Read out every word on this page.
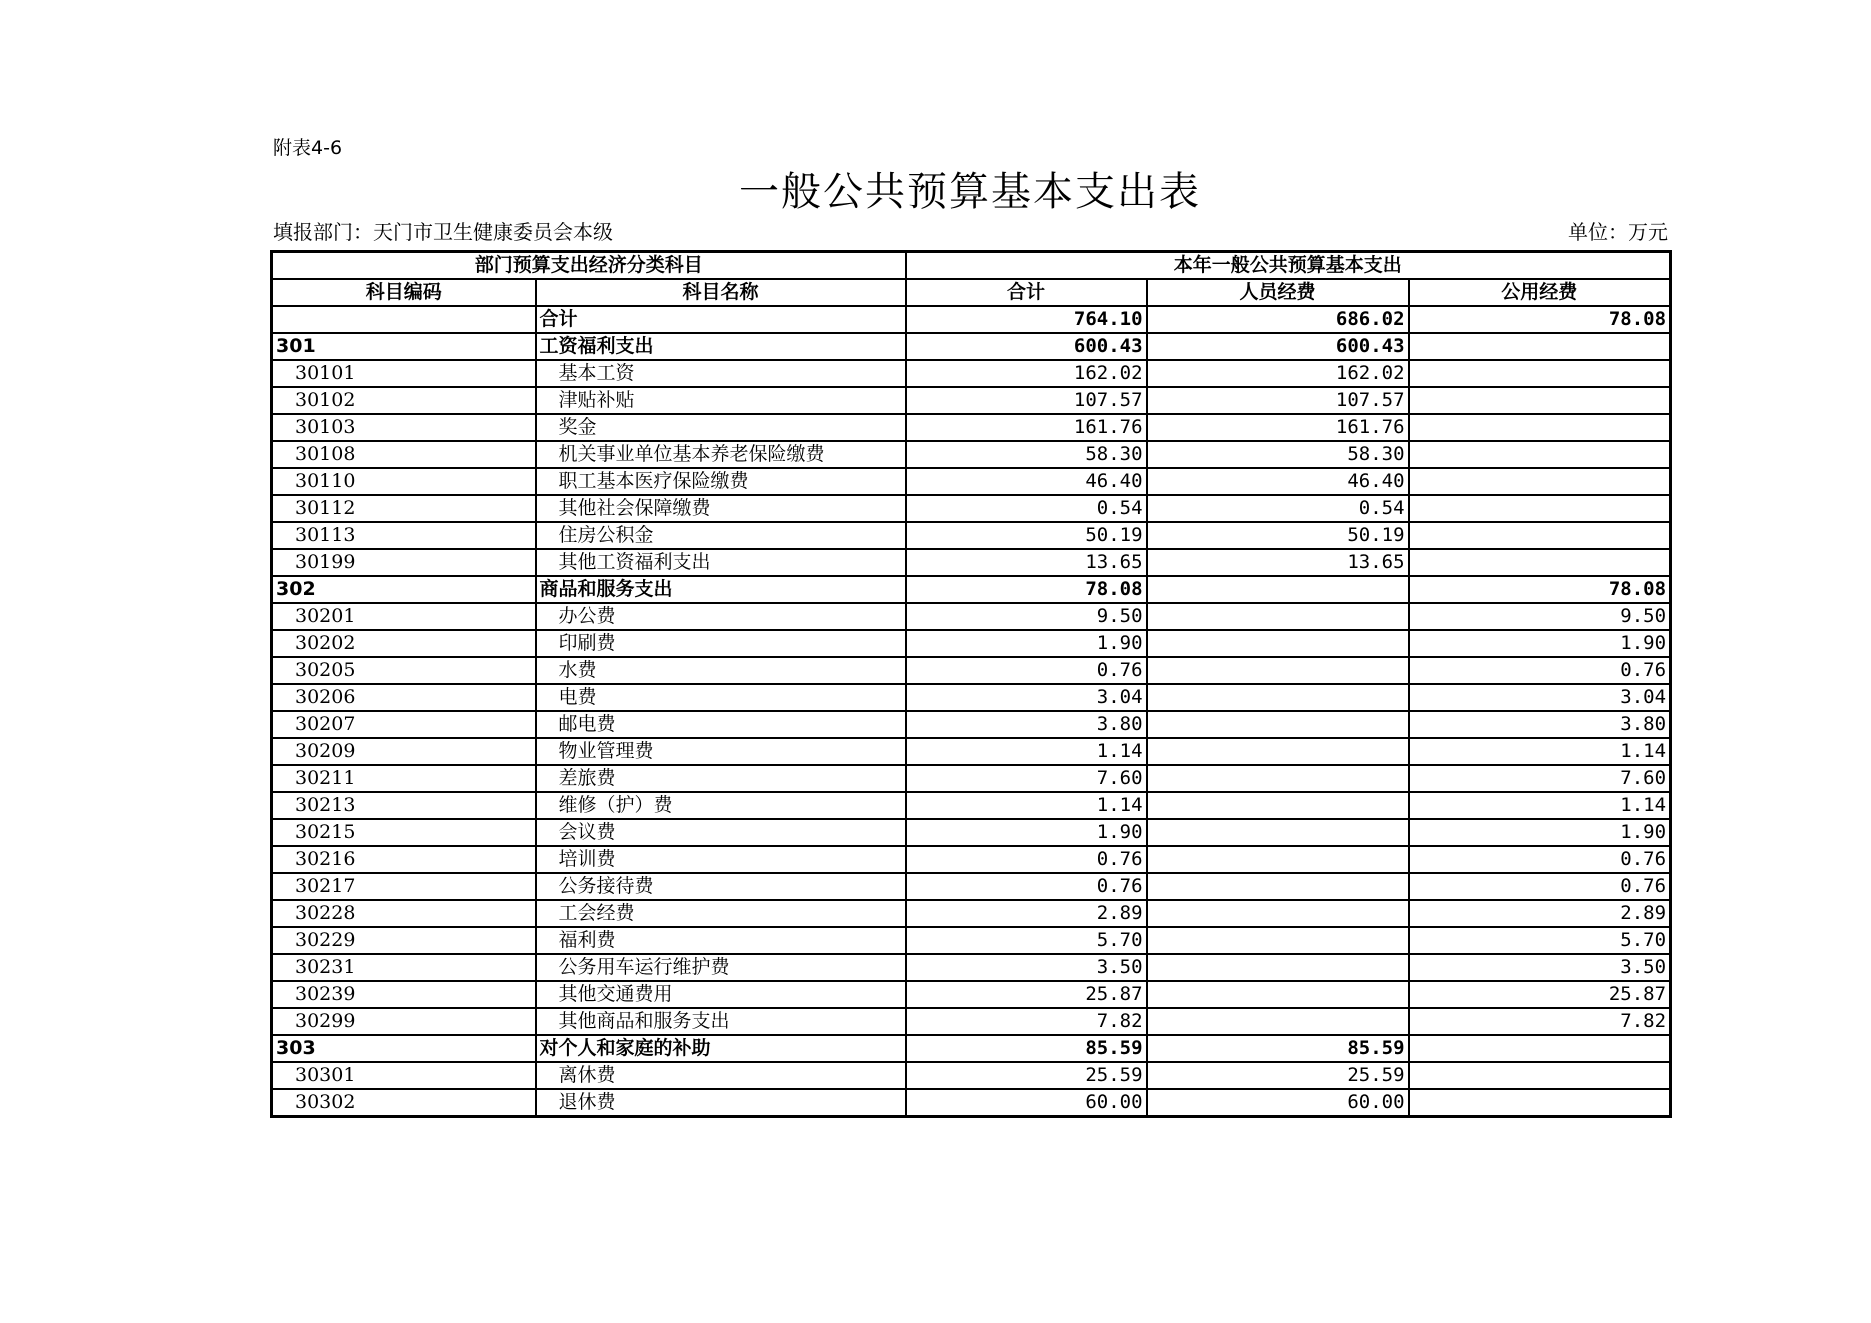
附表4-6
一般公共预算基本支出表
填报部门：天门市卫生健康委员会本级	单位：万元
部门预算支出经济分类科目		本年一般公共预算基本支出		
科目编码	科目名称	合计	人员经费	公用经费
	合计	764.10	686.02	78.08
301	工资福利支出	600.43	600.43	
30101	基本工资	162.02	162.02	
30102	津贴补贴	107.57	107.57	
30103	奖金	161.76	161.76	
30108	机关事业单位基本养老保险缴费	58.30	58.30	
30110	职工基本医疗保险缴费	46.40	46.40	
30112	其他社会保障缴费	0.54	0.54	
30113	住房公积金	50.19	50.19	
30199	其他工资福利支出	13.65	13.65	
302	商品和服务支出	78.08		78.08
30201	办公费	9.50		9.50
30202	印刷费	1.90		1.90
30205	水费	0.76		0.76
30206	电费	3.04		3.04
30207	邮电费	3.80		3.80
30209	物业管理费	1.14		1.14
30211	差旅费	7.60		7.60
30213	维修（护）费	1.14		1.14
30215	会议费	1.90		1.90
30216	培训费	0.76		0.76
30217	公务接待费	0.76		0.76
30228	工会经费	2.89		2.89
30229	福利费	5.70		5.70
30231	公务用车运行维护费	3.50		3.50
30239	其他交通费用	25.87		25.87
30299	其他商品和服务支出	7.82		7.82
303	对个人和家庭的补助	85.59	85.59	
30301	离休费	25.59	25.59	
30302	退休费	60.00	60.00	
